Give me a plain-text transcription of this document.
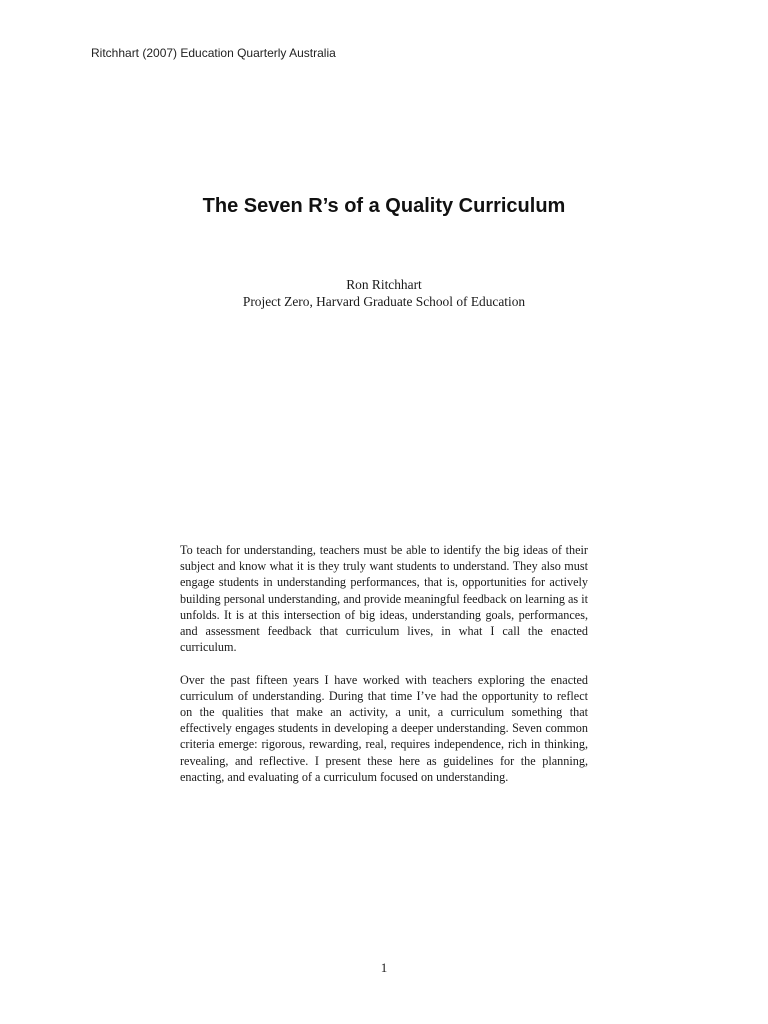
Ritchhart (2007) Education Quarterly Australia
The Seven R’s of a Quality Curriculum
Ron Ritchhart
Project Zero, Harvard Graduate School of Education

To teach for understanding, teachers must be able to identify the big ideas of their subject and know what it is they truly want students to understand. They also must engage students in understanding performances, that is, opportunities for actively building personal understanding, and provide meaningful feedback on learning as it unfolds. It is at this intersection of big ideas, understanding goals, performances, and assessment feedback that curriculum lives, in what I call the enacted curriculum.

Over the past fifteen years I have worked with teachers exploring the enacted curriculum of understanding. During that time I’ve had the opportunity to reflect on the qualities that make an activity, a unit, a curriculum something that effectively engages students in developing a deeper understanding. Seven common criteria emerge: rigorous, rewarding, real, requires independence, rich in thinking, revealing, and reflective. I present these here as guidelines for the planning, enacting, and evaluating of a curriculum focused on understanding.

1
